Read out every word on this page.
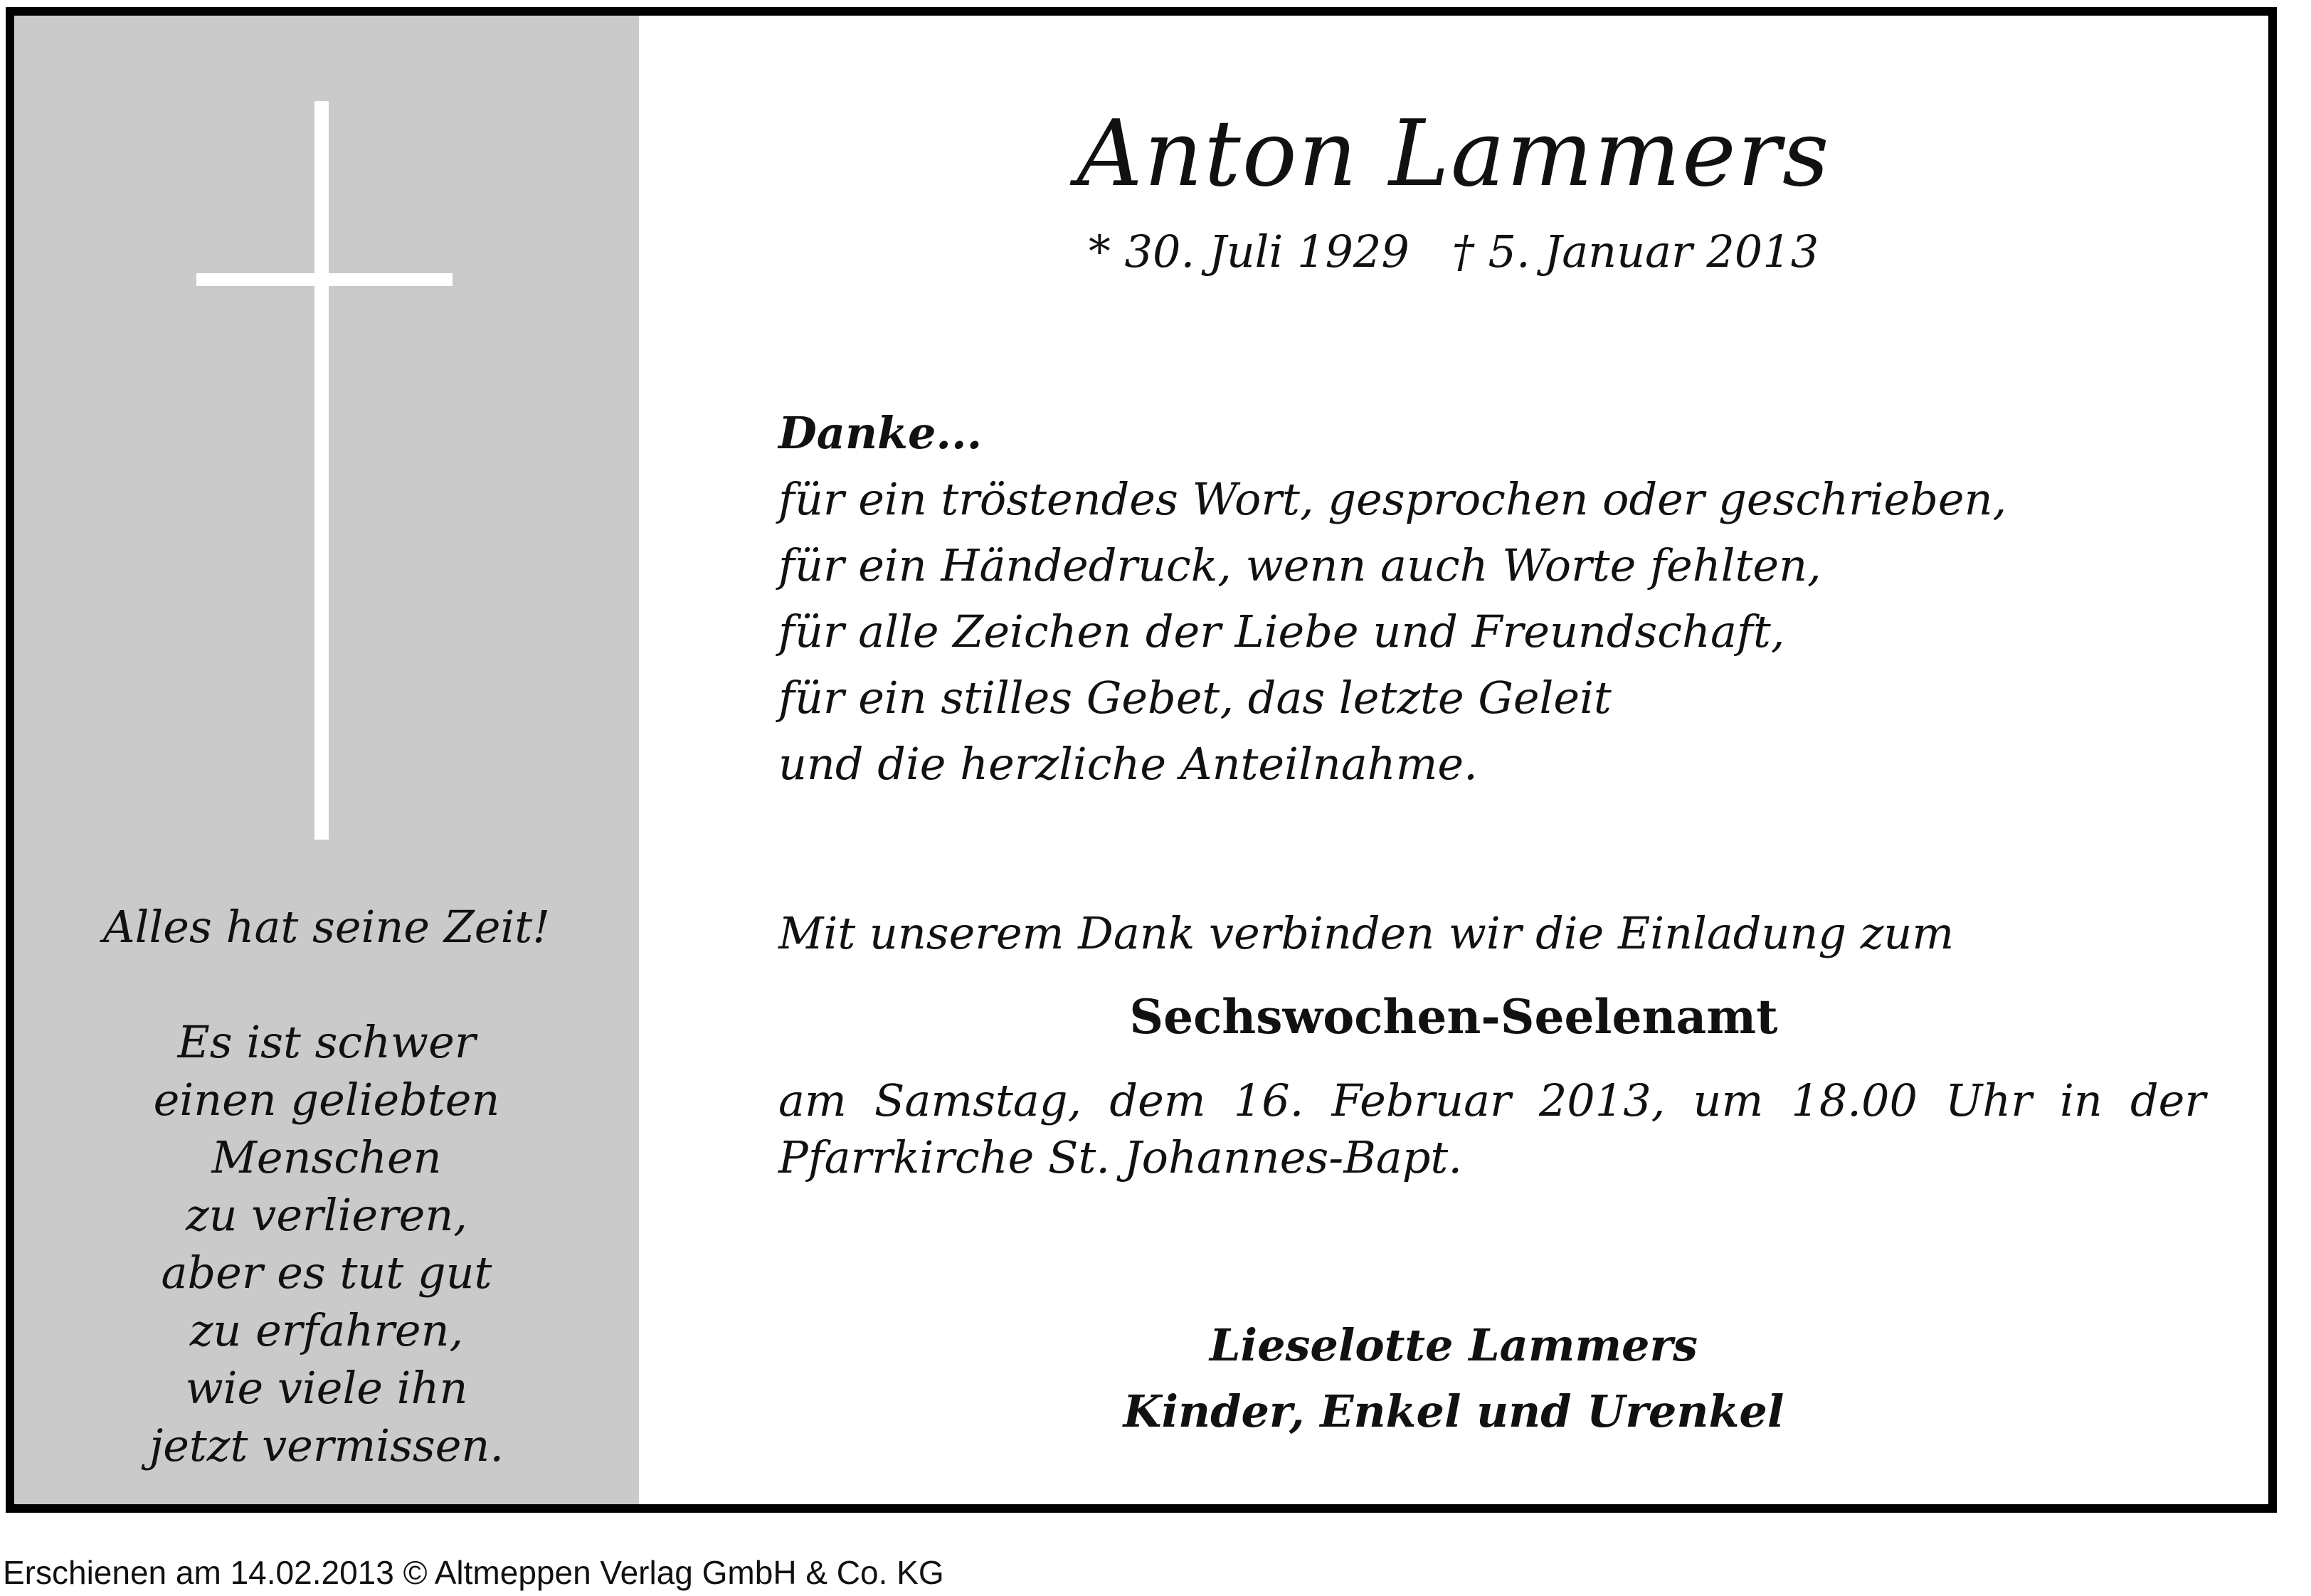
Alles hat seine Zeit!
Es ist schwer
einen geliebten
Menschen
zu verlieren,
aber es tut gut
zu erfahren,
wie viele ihn
jetzt vermissen.
Anton Lammers
* 30. Juli 1929 † 5. Januar 2013
Danke...
für ein tröstendes Wort, gesprochen oder geschrieben,
für ein Händedruck, wenn auch Worte fehlten,
für alle Zeichen der Liebe und Freundschaft,
für ein stilles Gebet, das letzte Geleit
und die herzliche Anteilnahme.
Mit unserem Dank verbinden wir die Einladung zum
Sechswochen-Seelenamt
am Samstag, dem 16. Februar 2013, um 18.00 Uhr in der
Pfarrkirche St. Johannes-Bapt.
Lieselotte Lammers
Kinder, Enkel und Urenkel
Erschienen am 14.02.2013 © Altmeppen Verlag GmbH & Co. KG
